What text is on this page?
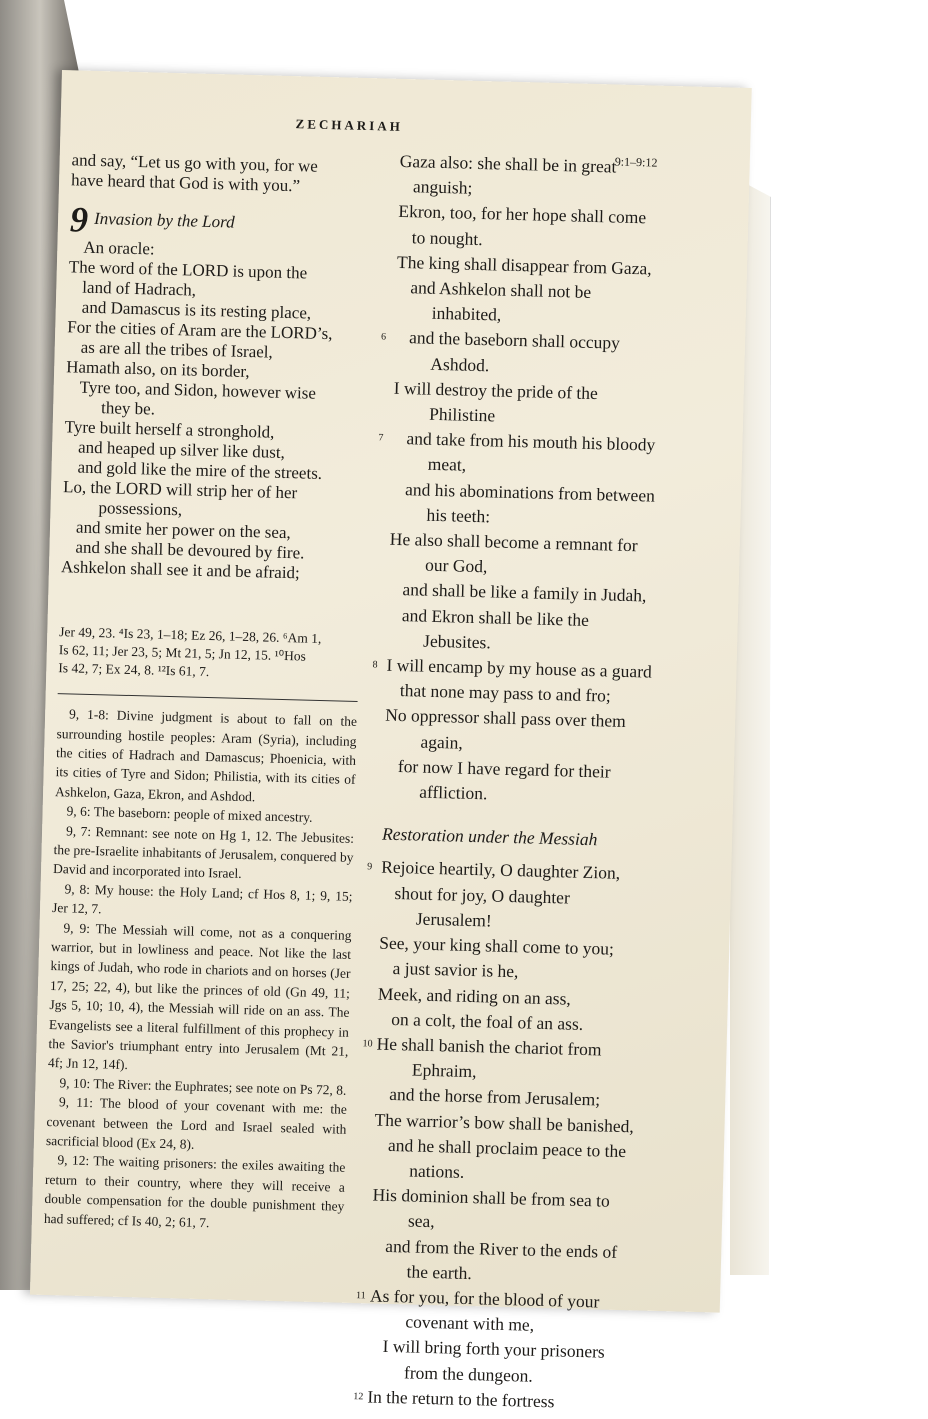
ZECHARIAH
9:1–9:12
and say, “Let us go with you, for we
have heard that God is with you.”
9 Invasion by the Lord
An oracle:
The word of the LORD is upon the
land of Hadrach,
and Damascus is its resting place,
For the cities of Aram are the LORD’s,
as are all the tribes of Israel,
Hamath also, on its border,
Tyre too, and Sidon, however wise
they be.
Tyre built herself a stronghold,
and heaped up silver like dust,
and gold like the mire of the streets.
Lo, the LORD will strip her of her
possessions,
and smite her power on the sea,
and she shall be devoured by fire.
Ashkelon shall see it and be afraid;
Jer 49, 23. ⁴Is 23, 1–18; Ez 26, 1–28, 26. ⁶Am 1,
Is 62, 11; Jer 23, 5; Mt 21, 5; Jn 12, 15. ¹⁰Hos
Is 42, 7; Ex 24, 8. ¹²Is 61, 7.

9, 1-8: Divine judgment is about to fall on the surrounding hostile peoples: Aram (Syria), including the cities of Hadrach and Damascus; Phoenicia, with its cities of Tyre and Sidon; Philistia, with its cities of Ashkelon, Gaza, Ekron, and Ashdod.

9, 6: The baseborn: people of mixed ancestry.

9, 7: Remnant: see note on Hg 1, 12. The Jebusites: the pre-Israelite inhabitants of Jerusalem, conquered by David and incorporated into Israel.

9, 8: My house: the Holy Land; cf Hos 8, 1; 9, 15; Jer 12, 7.

9, 9: The Messiah will come, not as a conquering warrior, but in lowliness and peace. Not like the last kings of Judah, who rode in chariots and on horses (Jer 17, 25; 22, 4), but like the princes of old (Gn 49, 11; Jgs 5, 10; 10, 4), the Messiah will ride on an ass. The Evangelists see a literal fulfillment of this prophecy in the Savior's triumphant entry into Jerusalem (Mt 21, 4f; Jn 12, 14f).

9, 10: The River: the Euphrates; see note on Ps 72, 8.

9, 11: The blood of your covenant with me: the covenant between the Lord and Israel sealed with sacrificial blood (Ex 24, 8).

9, 12: The waiting prisoners: the exiles awaiting the return to their country, where they will receive a double compensation for the double punishment they had suffered; cf Is 40, 2; 61, 7.

Gaza also: she shall be in great
anguish;
Ekron, too, for her hope shall come
to nought.
The king shall disappear from Gaza,
and Ashkelon shall not be
inhabited,
6	and the baseborn shall occupy
Ashdod.
I will destroy the pride of the
Philistine
7	and take from his mouth his bloody
meat,
and his abominations from between
his teeth:
He also shall become a remnant for
our God,
and shall be like a family in Judah,
and Ekron shall be like the
Jebusites.
8 I will encamp by my house as a guard
that none may pass to and fro;
No oppressor shall pass over them
again,
for now I have regard for their
affliction.
Restoration under the Messiah
9 Rejoice heartily, O daughter Zion,
shout for joy, O daughter
Jerusalem!
See, your king shall come to you;
a just savior is he,
Meek, and riding on an ass,
on a colt, the foal of an ass.
10 He shall banish the chariot from
Ephraim,
and the horse from Jerusalem;
The warrior’s bow shall be banished,
and he shall proclaim peace to the
nations.
His dominion shall be from sea to
sea,
and from the River to the ends of
the earth.
11 As for you, for the blood of your
covenant with me,
I will bring forth your prisoners
from the dungeon.
12 In the return to the fortress
